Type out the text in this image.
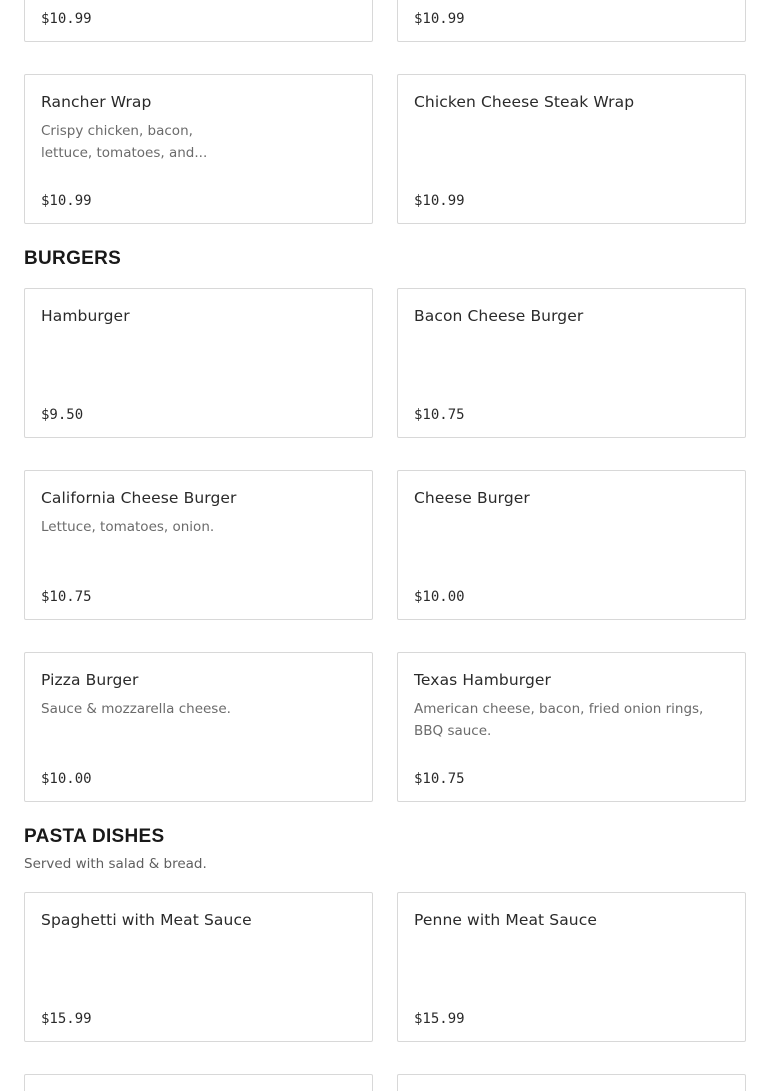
$10.99	$10.99
Rancher Wrap
Crispy chicken, bacon, lettuce, tomatoes, and...
$10.99
Chicken Cheese Steak Wrap
$10.99
BURGERS
Hamburger
$9.50
Bacon Cheese Burger
$10.75
California Cheese Burger
Lettuce, tomatoes, onion.
$10.75
Cheese Burger
$10.00
Pizza Burger
Sauce & mozzarella cheese.
$10.00
Texas Hamburger
American cheese, bacon, fried onion rings, BBQ sauce.
$10.75
PASTA DISHES
Served with salad & bread.
Spaghetti with Meat Sauce
$15.99
Penne with Meat Sauce
$15.99
